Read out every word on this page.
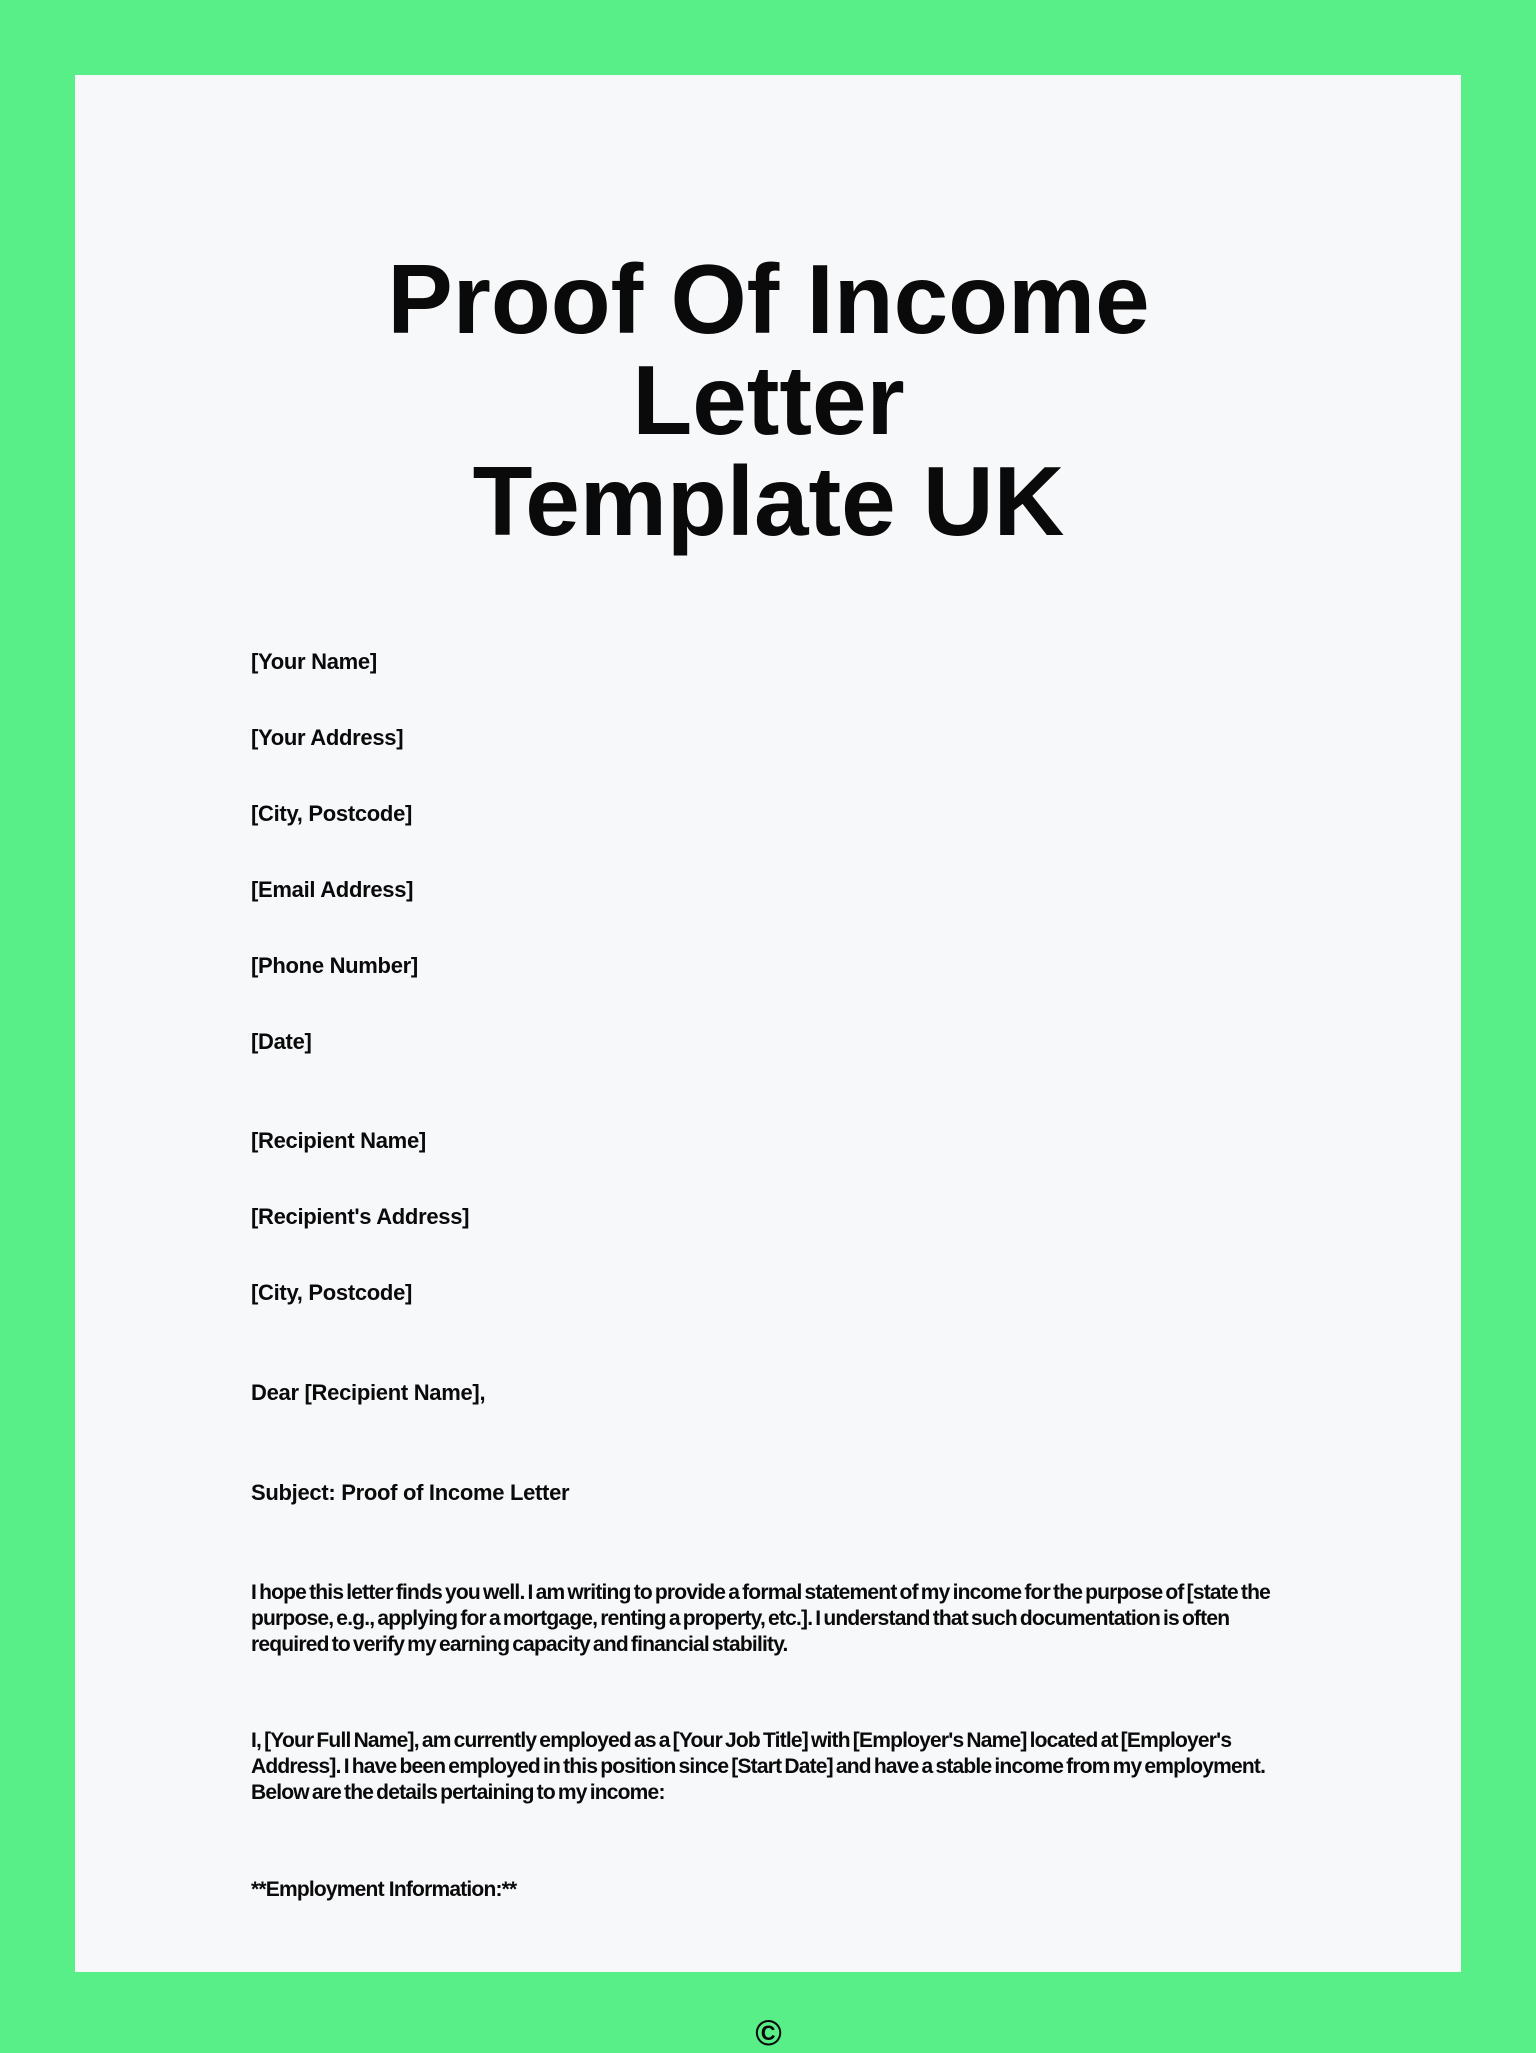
Proof Of Income Letter
Template UK
[Your Name]
[Your Address]
[City, Postcode]
[Email Address]
[Phone Number]
[Date]
[Recipient Name]
[Recipient's Address]
[City, Postcode]
Dear [Recipient Name],
Subject: Proof of Income Letter

I hope this letter finds you well. I am writing to provide a formal statement of my income for the purpose of [state the purpose, e.g., applying for a mortgage, renting a property, etc.]. I understand that such documentation is often required to verify my earning capacity and financial stability.

I, [Your Full Name], am currently employed as a [Your Job Title] with [Employer's Name] located at [Employer's Address]. I have been employed in this position since [Start Date] and have a stable income from my employment. Below are the details pertaining to my income:

**Employment Information:**
©
